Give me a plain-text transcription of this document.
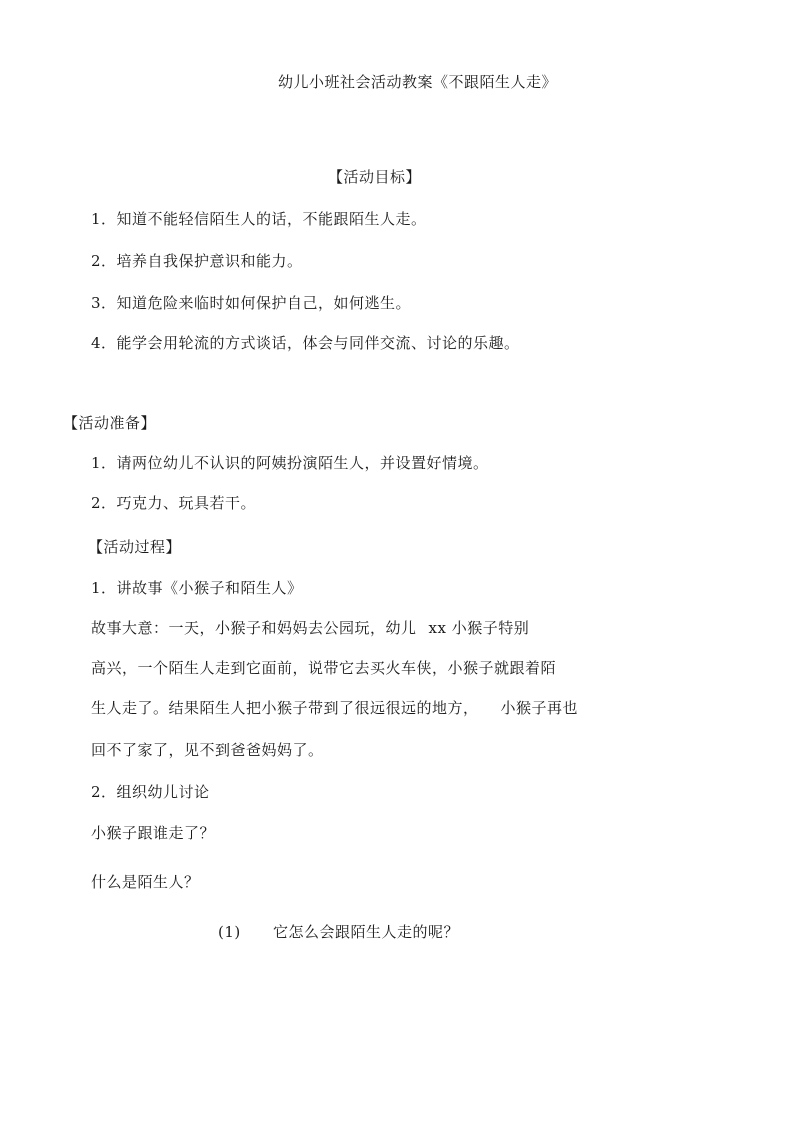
幼儿小班社会活动教案《不跟陌生人走》
【活动目标】
1．知道不能轻信陌生人的话，不能跟陌生人走。
2．培养自我保护意识和能力。
3．知道危险来临时如何保护自己，如何逃生。
4．能学会用轮流的方式谈话，体会与同伴交流、讨论的乐趣。
【活动准备】
1．请两位幼儿不认识的阿姨扮演陌生人，并设置好情境。
2．巧克力、玩具若干。
【活动过程】
1．讲故事《小猴子和陌生人》
故事大意：一天，小猴子和妈妈去公园玩，幼儿 xx 小猴子特别
高兴，一个陌生人走到它面前，说带它去买火车侠，小猴子就跟着陌
生人走了。结果陌生人把小猴子带到了很远很远的地方， 小猴子再也
回不了家了，见不到爸爸妈妈了。
2．组织幼儿讨论
小猴子跟谁走了？
什么是陌生人？
(1) 它怎么会跟陌生人走的呢？
